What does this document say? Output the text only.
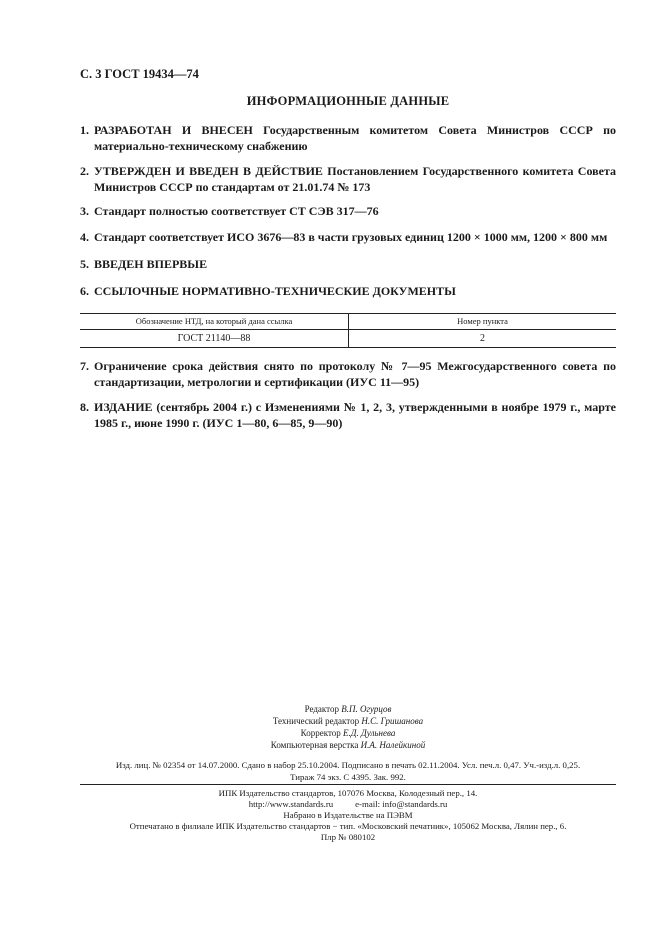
С. 3 ГОСТ 19434—74
ИНФОРМАЦИОННЫЕ ДАННЫЕ
1. РАЗРАБОТАН И ВНЕСЕН Государственным комитетом Совета Министров СССР по материально-техническому снабжению
2. УТВЕРЖДЕН И ВВЕДЕН В ДЕЙСТВИЕ Постановлением Государственного комитета Совета Министров СССР по стандартам от 21.01.74 № 173
3. Стандарт полностью соответствует СТ СЭВ 317—76
4. Стандарт соответствует ИСО 3676—83 в части грузовых единиц 1200 × 1000 мм, 1200 × 800 мм
5. ВВЕДЕН ВПЕРВЫЕ
6. ССЫЛОЧНЫЕ НОРМАТИВНО-ТЕХНИЧЕСКИЕ ДОКУМЕНТЫ
Обозначение НТД, на который дана ссылка	Номер пункта
ГОСТ 21140—88	2
7. Ограничение срока действия снято по протоколу № 7—95 Межгосударственного совета по стандартизации, метрологии и сертификации (ИУС 11—95)
8. ИЗДАНИЕ (сентябрь 2004 г.) с Изменениями № 1, 2, 3, утвержденными в ноябре 1979 г., марте 1985 г., июне 1990 г. (ИУС 1—80, 6—85, 9—90)
Редактор В.П. Огурцов
Технический редактор Н.С. Гришанова
Корректор Е.Д. Дульнева
Компьютерная верстка И.А. Налейкиной
Изд. лиц. № 02354 от 14.07.2000. Сдано в набор 25.10.2004. Подписано в печать 02.11.2004. Усл. печ.л. 0,47. Уч.-изд.л. 0,25.
Тираж 74 экз. С 4395. Зак. 992.
ИПК Издательство стандартов, 107076 Москва, Колодезный пер., 14.
http://www.standards.ru	e-mail: info@standards.ru
Набрано в Издательстве на ПЭВМ
Отпечатано в филиале ИПК Издательство стандартов − тип. «Московский печатник», 105062 Москва, Лялин пер., 6.
Плр № 080102
